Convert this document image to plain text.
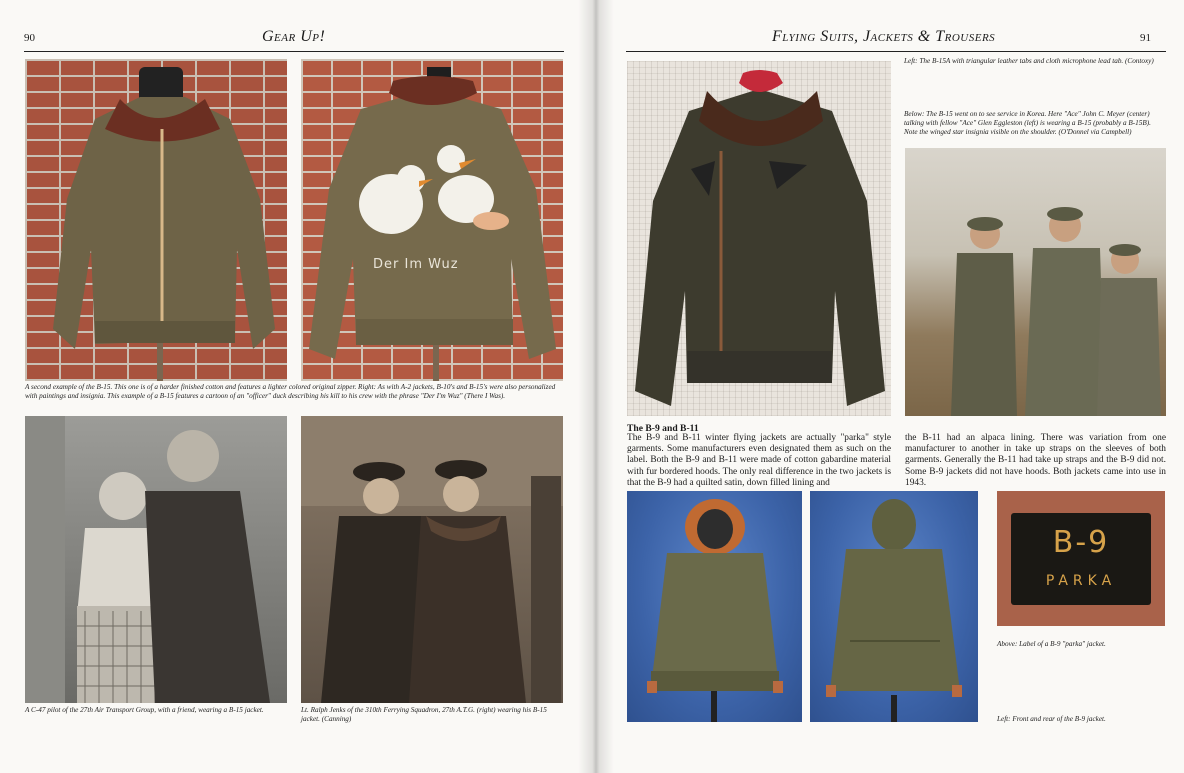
90	Gear Up!
Der Im Wuz
A second example of the B-15. This one is of a harder finished cotton and features a lighter colored original zipper. Right: As with A-2 jackets, B-10's and B-15's were also personalized with paintings and insignia. This example of a B-15 features a cartoon of an "officer" duck describing his kill to his crew with the phrase "Der I'm Wuz" (There I Was).
A C-47 pilot of the 27th Air Transport Group, with a friend, wearing a B-15 jacket.	Lt. Ralph Jenks of the 310th Ferrying Squadron, 27th A.T.G. (right) wearing his B-15 jacket. (Canning)
Flying Suits, Jackets & Trousers	91
Left: The B-15A with triangular leather tabs and cloth microphone lead tab. (Contoxy)
Below: The B-15 went on to see service in Korea. Here "Ace" John C. Meyer (center) talking with fellow "Ace" Glen Eggleston (left) is wearing a B-15 (probably a B-15B). Note the winged star insignia visible on the shoulder. (O'Donnel via Campbell)
The B-9 and B-11
The B-9 and B-11 winter flying jackets are actually "parka" style garments. Some manufacturers even designated them as such on the label. Both the B-9 and B-11 were made of cotton gabardine material with fur bordered hoods. The only real difference in the two jackets is that the B-9 had a quilted satin, down filled lining and
the B-11 had an alpaca lining. There was variation from one manufacturer to another in take up straps on the sleeves of both garments. Generally the B-11 had take up straps and the B-9 did not. Some B-9 jackets did not have hoods. Both jackets came into use in 1943.
B-9
PARKA
Above: Label of a B-9 "parka" jacket.
Left: Front and rear of the B-9 jacket.
